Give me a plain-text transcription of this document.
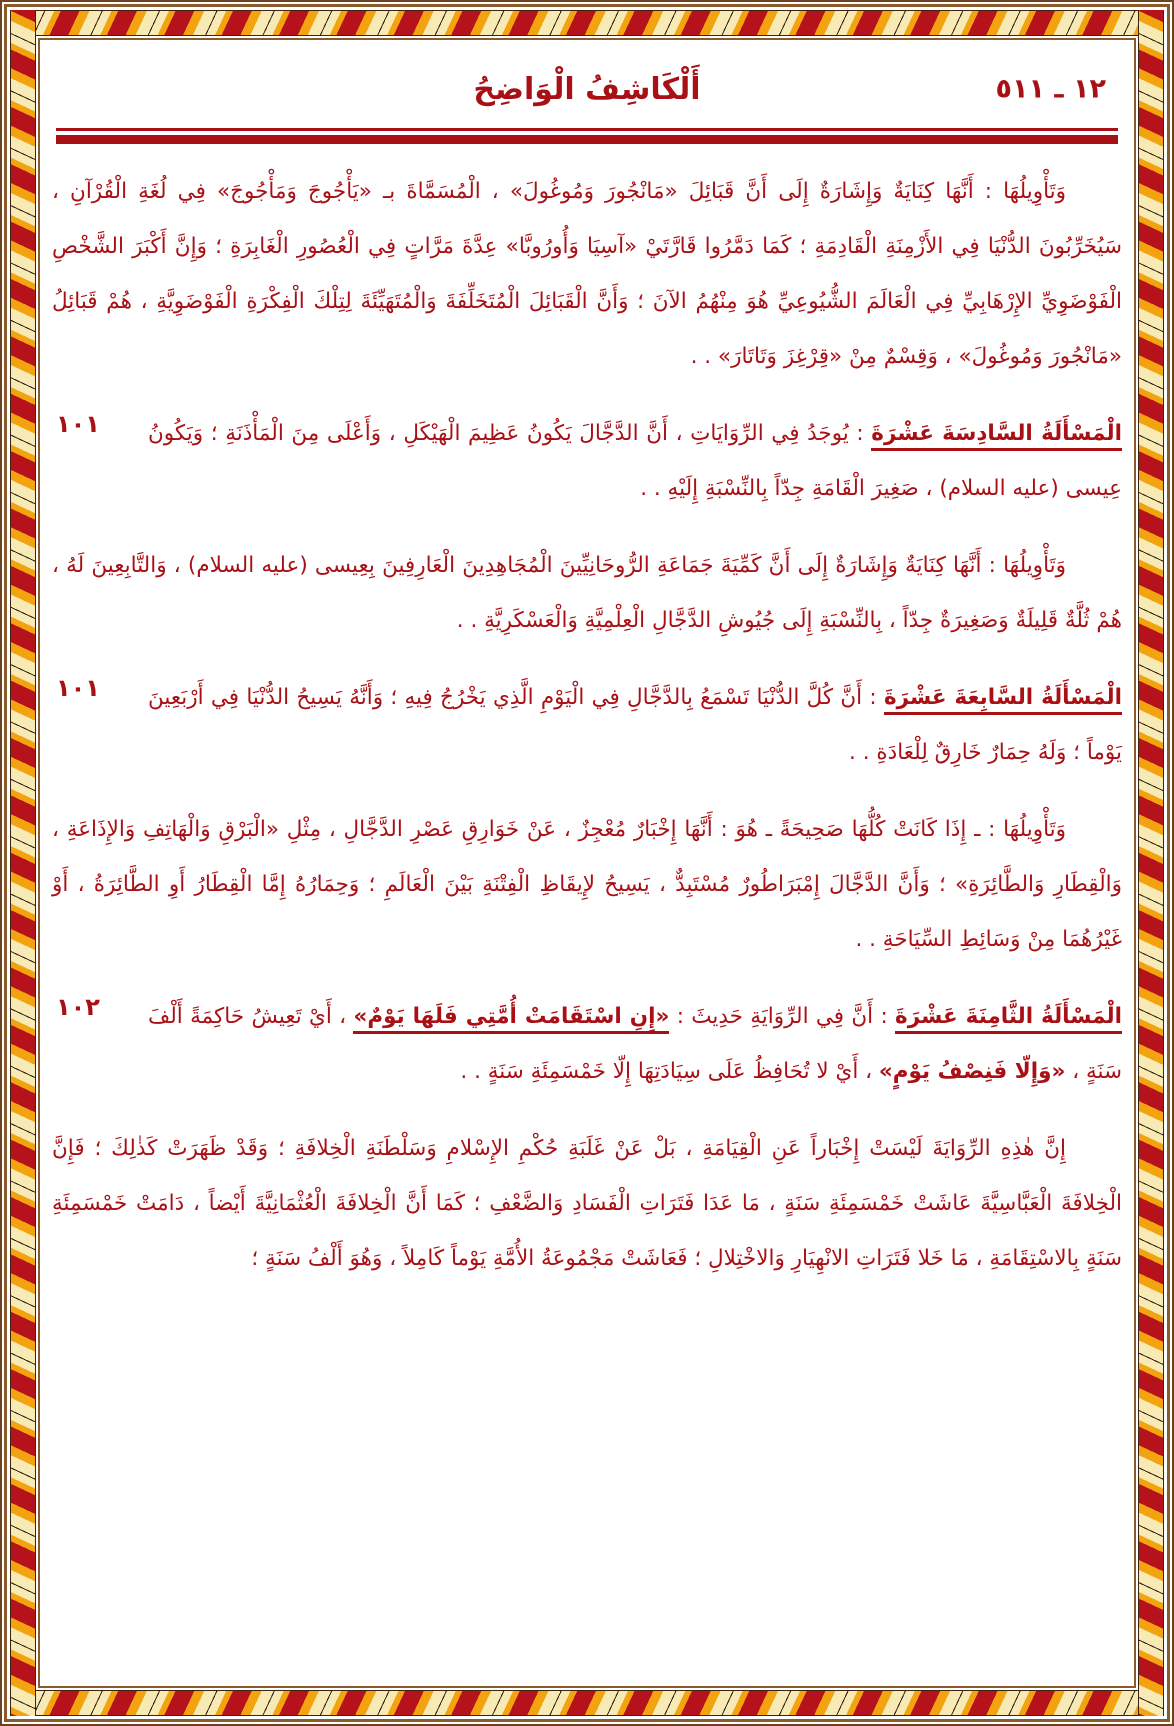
أَلْكَاشِفُ الْوَاضِحُ	١٢ ـ ٥١١

وَتَأْوِيلُهَا : أَنَّهَا كِنَايَةٌ وَإِشَارَةٌ إِلَى أَنَّ قَبَائِلَ «مَانْجُورَ وَمُوغُولَ» ، الْمُسَمَّاةَ بـ «يَأْجُوجَ وَمَأْجُوجَ» فِي لُغَةِ الْقُرْآنِ ، سَيُخَرِّبُونَ الدُّنْيَا فِي الأَزْمِنَةِ الْقَادِمَةِ ؛ كَمَا دَمَّرُوا قَارَّتَيْ «آسِيَا وَأُورُوبَّا» عِدَّةَ مَرَّاتٍ فِي الْعُصُورِ الْغَابِرَةِ ؛ وَإِنَّ أَكْبَرَ الشَّخْصِ الْفَوْضَوِيِّ الإِرْهَابِيِّ فِي الْعَالَمَ الشُّيُوعِيِّ هُوَ مِنْهُمُ الآنَ ؛ وَأَنَّ الْقَبَائِلَ الْمُتَخَلِّفَةَ وَالْمُتَهَيِّئَةَ لِتِلْكَ الْفِكْرَةِ الْفَوْضَوِيَّةِ ، هُمْ قَبَائِلُ «مَانْجُورَ وَمُوغُولَ» ، وَقِسْمٌ مِنْ «قِرْغِزَ وَتَاتَارَ» . .

١٠١	الْمَسْأَلَةُ السَّادِسَةَ عَشْرَةَ : يُوجَدُ فِي الرِّوَايَاتِ ، أَنَّ الدَّجَّالَ يَكُونُ عَظِيمَ الْهَيْكَلِ ، وَأَعْلَى مِنَ الْمَأْذَنَةِ ؛ وَيَكُونُ عِيسى (عليه السلام) ، صَغِيرَ الْقَامَةِ جِدّاً بِالنِّسْبَةِ إِلَيْهِ . .

وَتَأْوِيلُهَا : أَنَّهَا كِنَايَةٌ وَإِشَارَةٌ إِلَى أَنَّ كَمِّيَةَ جَمَاعَةِ الرُّوحَانِيِّينَ الْمُجَاهِدِينَ الْعَارِفِينَ بِعِيسى (عليه السلام) ، وَالتَّابِعِينَ لَهُ ، هُمْ ثُلَّةٌ قَلِيلَةٌ وَصَغِيرَةٌ جِدّاً ، بِالنِّسْبَةِ إِلَى جُيُوشِ الدَّجَّالِ الْعِلْمِيَّةِ وَالْعَسْكَرِيَّةِ . .

١٠١	الْمَسْأَلَةُ السَّابِعَةَ عَشْرَةَ : أَنَّ كُلَّ الدُّنْيَا تَسْمَعُ بِالدَّجَّالِ فِي الْيَوْمِ الَّذِي يَخْرُجُ فِيهِ ؛ وَأَنَّهُ يَسِيحُ الدُّنْيَا فِي أَرْبَعِينَ يَوْماً ؛ وَلَهُ حِمَارٌ خَارِقٌ لِلْعَادَةِ . .

وَتَأْوِيلُهَا : ـ إِذَا كَانَتْ كُلُّهَا صَحِيحَةً ـ هُوَ : أَنَّهَا إِخْبَارٌ مُعْجِزٌ ، عَنْ خَوَارِقِ عَصْرِ الدَّجَّالِ ، مِثْلِ «الْبَرْقِ وَالْهَاتِفِ وَالإِذَاعَةِ ، وَالْقِطَارِ وَالطَّائِرَةِ» ؛ وَأَنَّ الدَّجَّالَ إِمْبَرَاطُورٌ مُسْتَبِدٌّ ، يَسِيحُ لإِيقَاظِ الْفِتْنَةِ بَيْنَ الْعَالَمِ ؛ وَحِمَارُهُ إِمَّا الْقِطَارُ أَوِ الطَّائِرَةُ ، أَوْ غَيْرُهُمَا مِنْ وَسَائِطِ السِّيَاحَةِ . .

١٠٢	الْمَسْأَلَةُ الثَّامِنَةَ عَشْرَةَ : أَنَّ فِي الرِّوَايَةِ حَدِيثَ : «إِنِ اسْتَقَامَتْ أُمَّتِي فَلَهَا يَوْمٌ» ، أَيْ تَعِيشُ حَاكِمَةً أَلْفَ سَنَةٍ ، «وَإِلّا فَنِصْفُ يَوْمٍ» ، أَيْ لا تُحَافِظُ عَلَى سِيَادَتِهَا إِلّا خَمْسَمِئَةِ سَنَةٍ . .

إِنَّ هٰذِهِ الرِّوَايَةَ لَيْسَتْ إِخْبَاراً عَنِ الْقِيَامَةِ ، بَلْ عَنْ غَلَبَةِ حُكْمِ الإِسْلامِ وَسَلْطَنَةِ الْخِلافَةِ ؛ وَقَدْ ظَهَرَتْ كَذٰلِكَ ؛ فَإِنَّ الْخِلافَةَ الْعَبَّاسِيَّةَ عَاشَتْ خَمْسَمِئَةِ سَنَةٍ ، مَا عَدَا فَتَرَاتِ الْفَسَادِ وَالضَّعْفِ ؛ كَمَا أَنَّ الْخِلافَةَ الْعُثْمَانِيَّةَ أَيْضاً ، دَامَتْ خَمْسَمِئَةِ سَنَةٍ بِالاسْتِقَامَةِ ، مَا خَلا فَتَرَاتِ الانْهِيَارِ وَالاخْتِلالِ ؛ فَعَاشَتْ مَجْمُوعَةُ الأُمَّةِ يَوْماً كَامِلاً ، وَهُوَ أَلْفُ سَنَةٍ ؛
